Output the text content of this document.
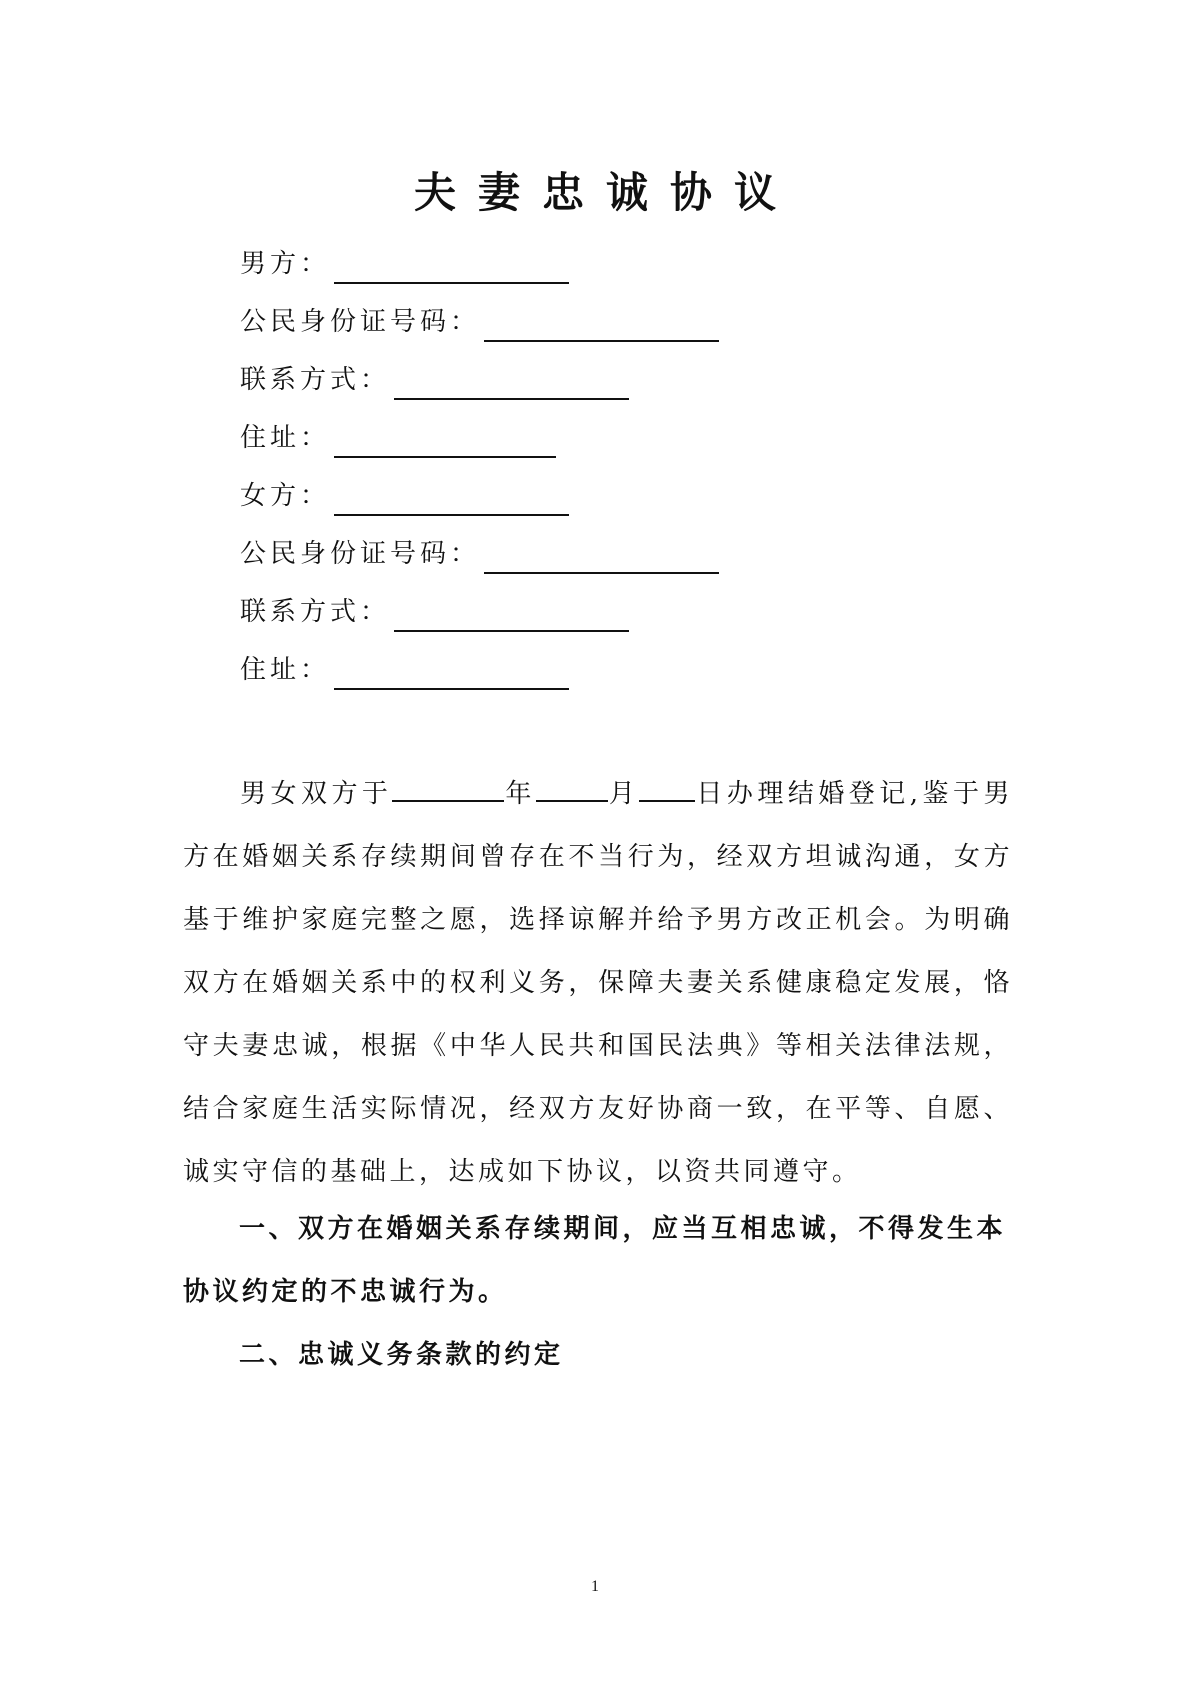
夫妻忠诚协议
男方：
公民身份证号码：
联系方式：
住址：
女方：
公民身份证号码：
联系方式：
住址：
男女双方于	年	月 日办理结婚登记,鉴于男方在婚姻关系存续期间曾存在不当行为，经双方坦诚沟通，女方基于维护家庭完整之愿，选择谅解并给予男方改正机会。为明确双方在婚姻关系中的权利义务，保障夫妻关系健康稳定发展，恪守夫妻忠诚，根据《中华人民共和国民法典》等相关法律法规，结合家庭生活实际情况，经双方友好协商一致，在平等、自愿、诚实守信的基础上，达成如下协议，以资共同遵守。
一、双方在婚姻关系存续期间，应当互相忠诚，不得发生本协议约定的不忠诚行为。
二、忠诚义务条款的约定
1
